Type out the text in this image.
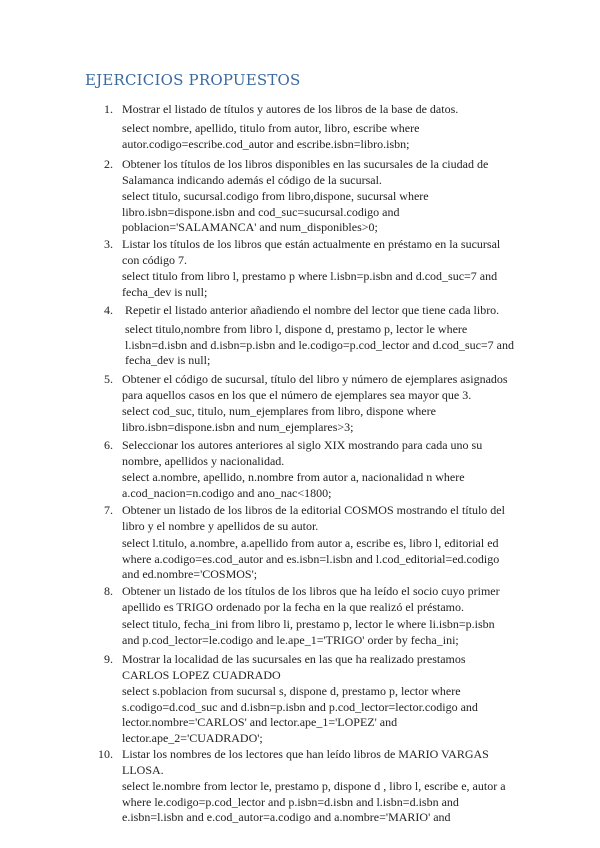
EJERCICIOS PROPUESTOS
1. Mostrar el listado de títulos y autores de los libros de la base de datos.
select nombre, apellido, titulo from autor, libro, escribe where
autor.codigo=escribe.cod_autor and escribe.isbn=libro.isbn;
2. Obtener los títulos de los libros disponibles en las sucursales de la ciudad de
Salamanca indicando además el código de la sucursal.
select titulo, sucursal.codigo from libro,dispone, sucursal where
libro.isbn=dispone.isbn and cod_suc=sucursal.codigo and
poblacion='SALAMANCA' and num_disponibles>0;
3. Listar los títulos de los libros que están actualmente en préstamo en la sucursal
con código 7.
select titulo from libro l, prestamo p where l.isbn=p.isbn and d.cod_suc=7 and
fecha_dev is null;
4. Repetir el listado anterior añadiendo el nombre del lector que tiene cada libro.
select titulo,nombre from libro l, dispone d, prestamo p, lector le where
l.isbn=d.isbn and d.isbn=p.isbn and le.codigo=p.cod_lector and d.cod_suc=7 and
fecha_dev is null;
5. Obtener el código de sucursal, título del libro y número de ejemplares asignados
para aquellos casos en los que el número de ejemplares sea mayor que 3.
select cod_suc, titulo, num_ejemplares from libro, dispone where
libro.isbn=dispone.isbn and num_ejemplares>3;
6. Seleccionar los autores anteriores al siglo XIX mostrando para cada uno su
nombre, apellidos y nacionalidad.
select a.nombre, apellido, n.nombre from autor a, nacionalidad n where
a.cod_nacion=n.codigo and ano_nac<1800;
7. Obtener un listado de los libros de la editorial COSMOS mostrando el título del
libro y el nombre y apellidos de su autor.
select l.titulo, a.nombre, a.apellido from autor a, escribe es, libro l, editorial ed
where a.codigo=es.cod_autor and es.isbn=l.isbn and l.cod_editorial=ed.codigo
and ed.nombre='COSMOS';
8. Obtener un listado de los títulos de los libros que ha leído el socio cuyo primer
apellido es TRIGO ordenado por la fecha en la que realizó el préstamo.
select titulo, fecha_ini from libro li, prestamo p, lector le where li.isbn=p.isbn
and p.cod_lector=le.codigo and le.ape_1='TRIGO' order by fecha_ini;
9. Mostrar la localidad de las sucursales en las que ha realizado prestamos
CARLOS LOPEZ CUADRADO
select s.poblacion from sucursal s, dispone d, prestamo p, lector where
s.codigo=d.cod_suc and d.isbn=p.isbn and p.cod_lector=lector.codigo and
lector.nombre='CARLOS' and lector.ape_1='LOPEZ' and
lector.ape_2='CUADRADO';
10. Listar los nombres de los lectores que han leído libros de MARIO VARGAS
LLOSA.
select le.nombre from lector le, prestamo p, dispone d , libro l, escribe e, autor a
where le.codigo=p.cod_lector and p.isbn=d.isbn and l.isbn=d.isbn and
e.isbn=l.isbn and e.cod_autor=a.codigo and a.nombre='MARIO' and
